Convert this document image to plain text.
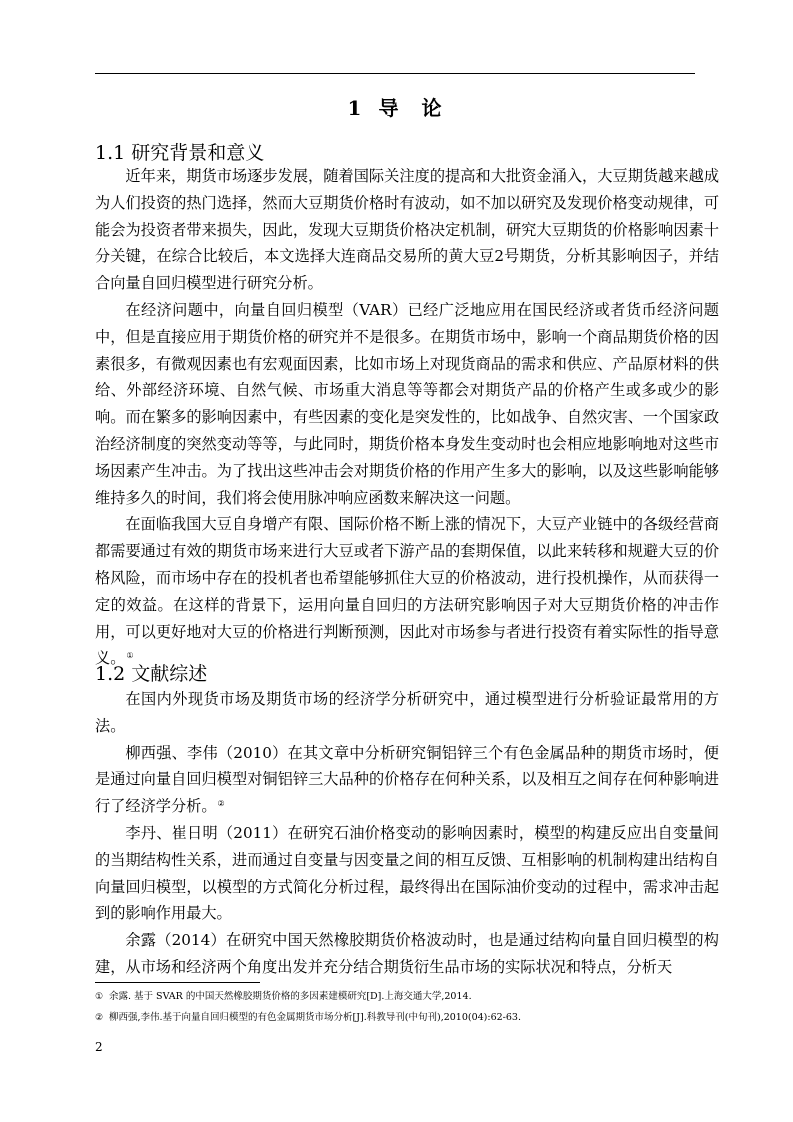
1 导 论
1.1 研究背景和意义

近年来，期货市场逐步发展，随着国际关注度的提高和大批资金涌入，大豆期货越来越成为人们投资的热门选择，然而大豆期货价格时有波动，如不加以研究及发现价格变动规律，可能会为投资者带来损失，因此，发现大豆期货价格决定机制，研究大豆期货的价格影响因素十分关键，在综合比较后，本文选择大连商品交易所的黄大豆2号期货，分析其影响因子，并结合向量自回归模型进行研究分析。

在经济问题中，向量自回归模型（VAR）已经广泛地应用在国民经济或者货币经济问题中，但是直接应用于期货价格的研究并不是很多。在期货市场中，影响一个商品期货价格的因素很多，有微观因素也有宏观面因素，比如市场上对现货商品的需求和供应、产品原材料的供给、外部经济环境、自然气候、市场重大消息等等都会对期货产品的价格产生或多或少的影响。而在繁多的影响因素中，有些因素的变化是突发性的，比如战争、自然灾害、一个国家政治经济制度的突然变动等等，与此同时，期货价格本身发生变动时也会相应地影响地对这些市场因素产生冲击。为了找出这些冲击会对期货价格的作用产生多大的影响，以及这些影响能够维持多久的时间，我们将会使用脉冲响应函数来解决这一问题。

在面临我国大豆自身增产有限、国际价格不断上涨的情况下，大豆产业链中的各级经营商都需要通过有效的期货市场来进行大豆或者下游产品的套期保值，以此来转移和规避大豆的价格风险，而市场中存在的投机者也希望能够抓住大豆的价格波动，进行投机操作，从而获得一定的效益。在这样的背景下，运用向量自回归的方法研究影响因子对大豆期货价格的冲击作用，可以更好地对大豆的价格进行判断预测，因此对市场参与者进行投资有着实际性的指导意义。①

1.2 文献综述

在国内外现货市场及期货市场的经济学分析研究中，通过模型进行分析验证最常用的方法。

柳西强、李伟（2010）在其文章中分析研究铜铝锌三个有色金属品种的期货市场时，便是通过向量自回归模型对铜铝锌三大品种的价格存在何种关系，以及相互之间存在何种影响进行了经济学分析。②

李丹、崔日明（2011）在研究石油价格变动的影响因素时，模型的构建反应出自变量间的当期结构性关系，进而通过自变量与因变量之间的相互反馈、互相影响的机制构建出结构自向量回归模型，以模型的方式简化分析过程，最终得出在国际油价变动的过程中，需求冲击起到的影响作用最大。

余露（2014）在研究中国天然橡胶期货价格波动时，也是通过结构向量自回归模型的构建，从市场和经济两个角度出发并充分结合期货衍生品市场的实际状况和特点，分析天

① 余露. 基于 SVAR 的中国天然橡胶期货价格的多因素建模研究[D].上海交通大学,2014.
② 柳西强,李伟.基于向量自回归模型的有色金属期货市场分析[J].科教导刊(中旬刊),2010(04):62-63.
2
